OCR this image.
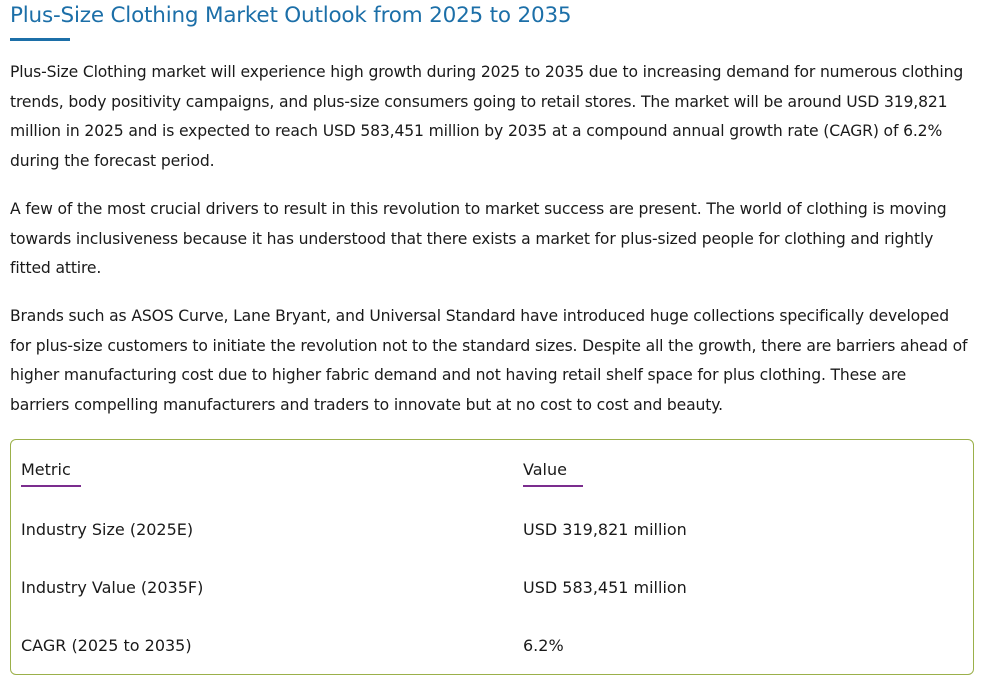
Plus-Size Clothing Market Outlook from 2025 to 2035

Plus-Size Clothing market will experience high growth during 2025 to 2035 due to increasing demand for numerous clothing trends, body positivity campaigns, and plus-size consumers going to retail stores. The market will be around USD 319,821 million in 2025 and is expected to reach USD 583,451 million by 2035 at a compound annual growth rate (CAGR) of 6.2% during the forecast period.

A few of the most crucial drivers to result in this revolution to market success are present. The world of clothing is moving towards inclusiveness because it has understood that there exists a market for plus-sized people for clothing and rightly fitted attire.

Brands such as ASOS Curve, Lane Bryant, and Universal Standard have introduced huge collections specifically developed for plus-size customers to initiate the revolution not to the standard sizes. Despite all the growth, there are barriers ahead of higher manufacturing cost due to higher fabric demand and not having retail shelf space for plus clothing. These are barriers compelling manufacturers and traders to innovate but at no cost to cost and beauty.

Metric	Value
Industry Size (2025E)	USD 319,821 million
Industry Value (2035F)	USD 583,451 million
CAGR (2025 to 2035)	6.2%
